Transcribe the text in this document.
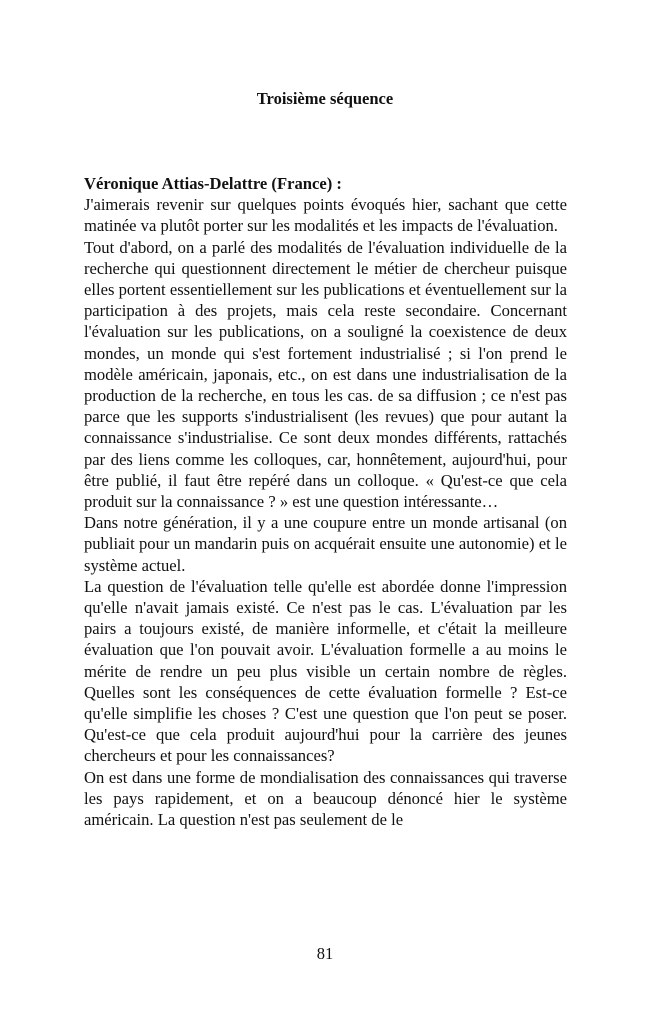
Troisième séquence

Véronique Attias-Delattre (France) :

J'aimerais revenir sur quelques points évoqués hier, sachant que cette matinée va plutôt porter sur les modalités et les impacts de l'évaluation.

Tout d'abord, on a parlé des modalités de l'évaluation individuelle de la recherche qui questionnent directement le métier de chercheur puisque elles portent essentiellement sur les publications et éventuellement sur la participation à des projets, mais cela reste secondaire. Concernant l'évaluation sur les publications, on a souligné la coexistence de deux mondes, un monde qui s'est fortement industrialisé ; si l'on prend le modèle américain, japonais, etc., on est dans une industrialisation de la production de la recherche, en tous les cas. de sa diffusion ; ce n'est pas parce que les supports s'industrialisent (les revues) que pour autant la connaissance s'industrialise. Ce sont deux mondes différents, rattachés par des liens comme les colloques, car, honnêtement, aujourd'hui, pour être publié, il faut être repéré dans un colloque. « Qu'est-ce que cela produit sur la connaissance ? » est une question intéressante…

Dans notre génération, il y a une coupure entre un monde artisanal (on publiait pour un mandarin puis on acquérait ensuite une autonomie) et le système actuel.

La question de l'évaluation telle qu'elle est abordée donne l'impression qu'elle n'avait jamais existé. Ce n'est pas le cas. L'évaluation par les pairs a toujours existé, de manière informelle, et c'était la meilleure évaluation que l'on pouvait avoir. L'évaluation formelle a au moins le mérite de rendre un peu plus visible un certain nombre de règles. Quelles sont les conséquences de cette évaluation formelle ? Est-ce qu'elle simplifie les choses ? C'est une question que l'on peut se poser. Qu'est-ce que cela produit aujourd'hui pour la carrière des jeunes chercheurs et pour les connaissances?

On est dans une forme de mondialisation des connaissances qui traverse les pays rapidement, et on a beaucoup dénoncé hier le système américain. La question n'est pas seulement de le

81
